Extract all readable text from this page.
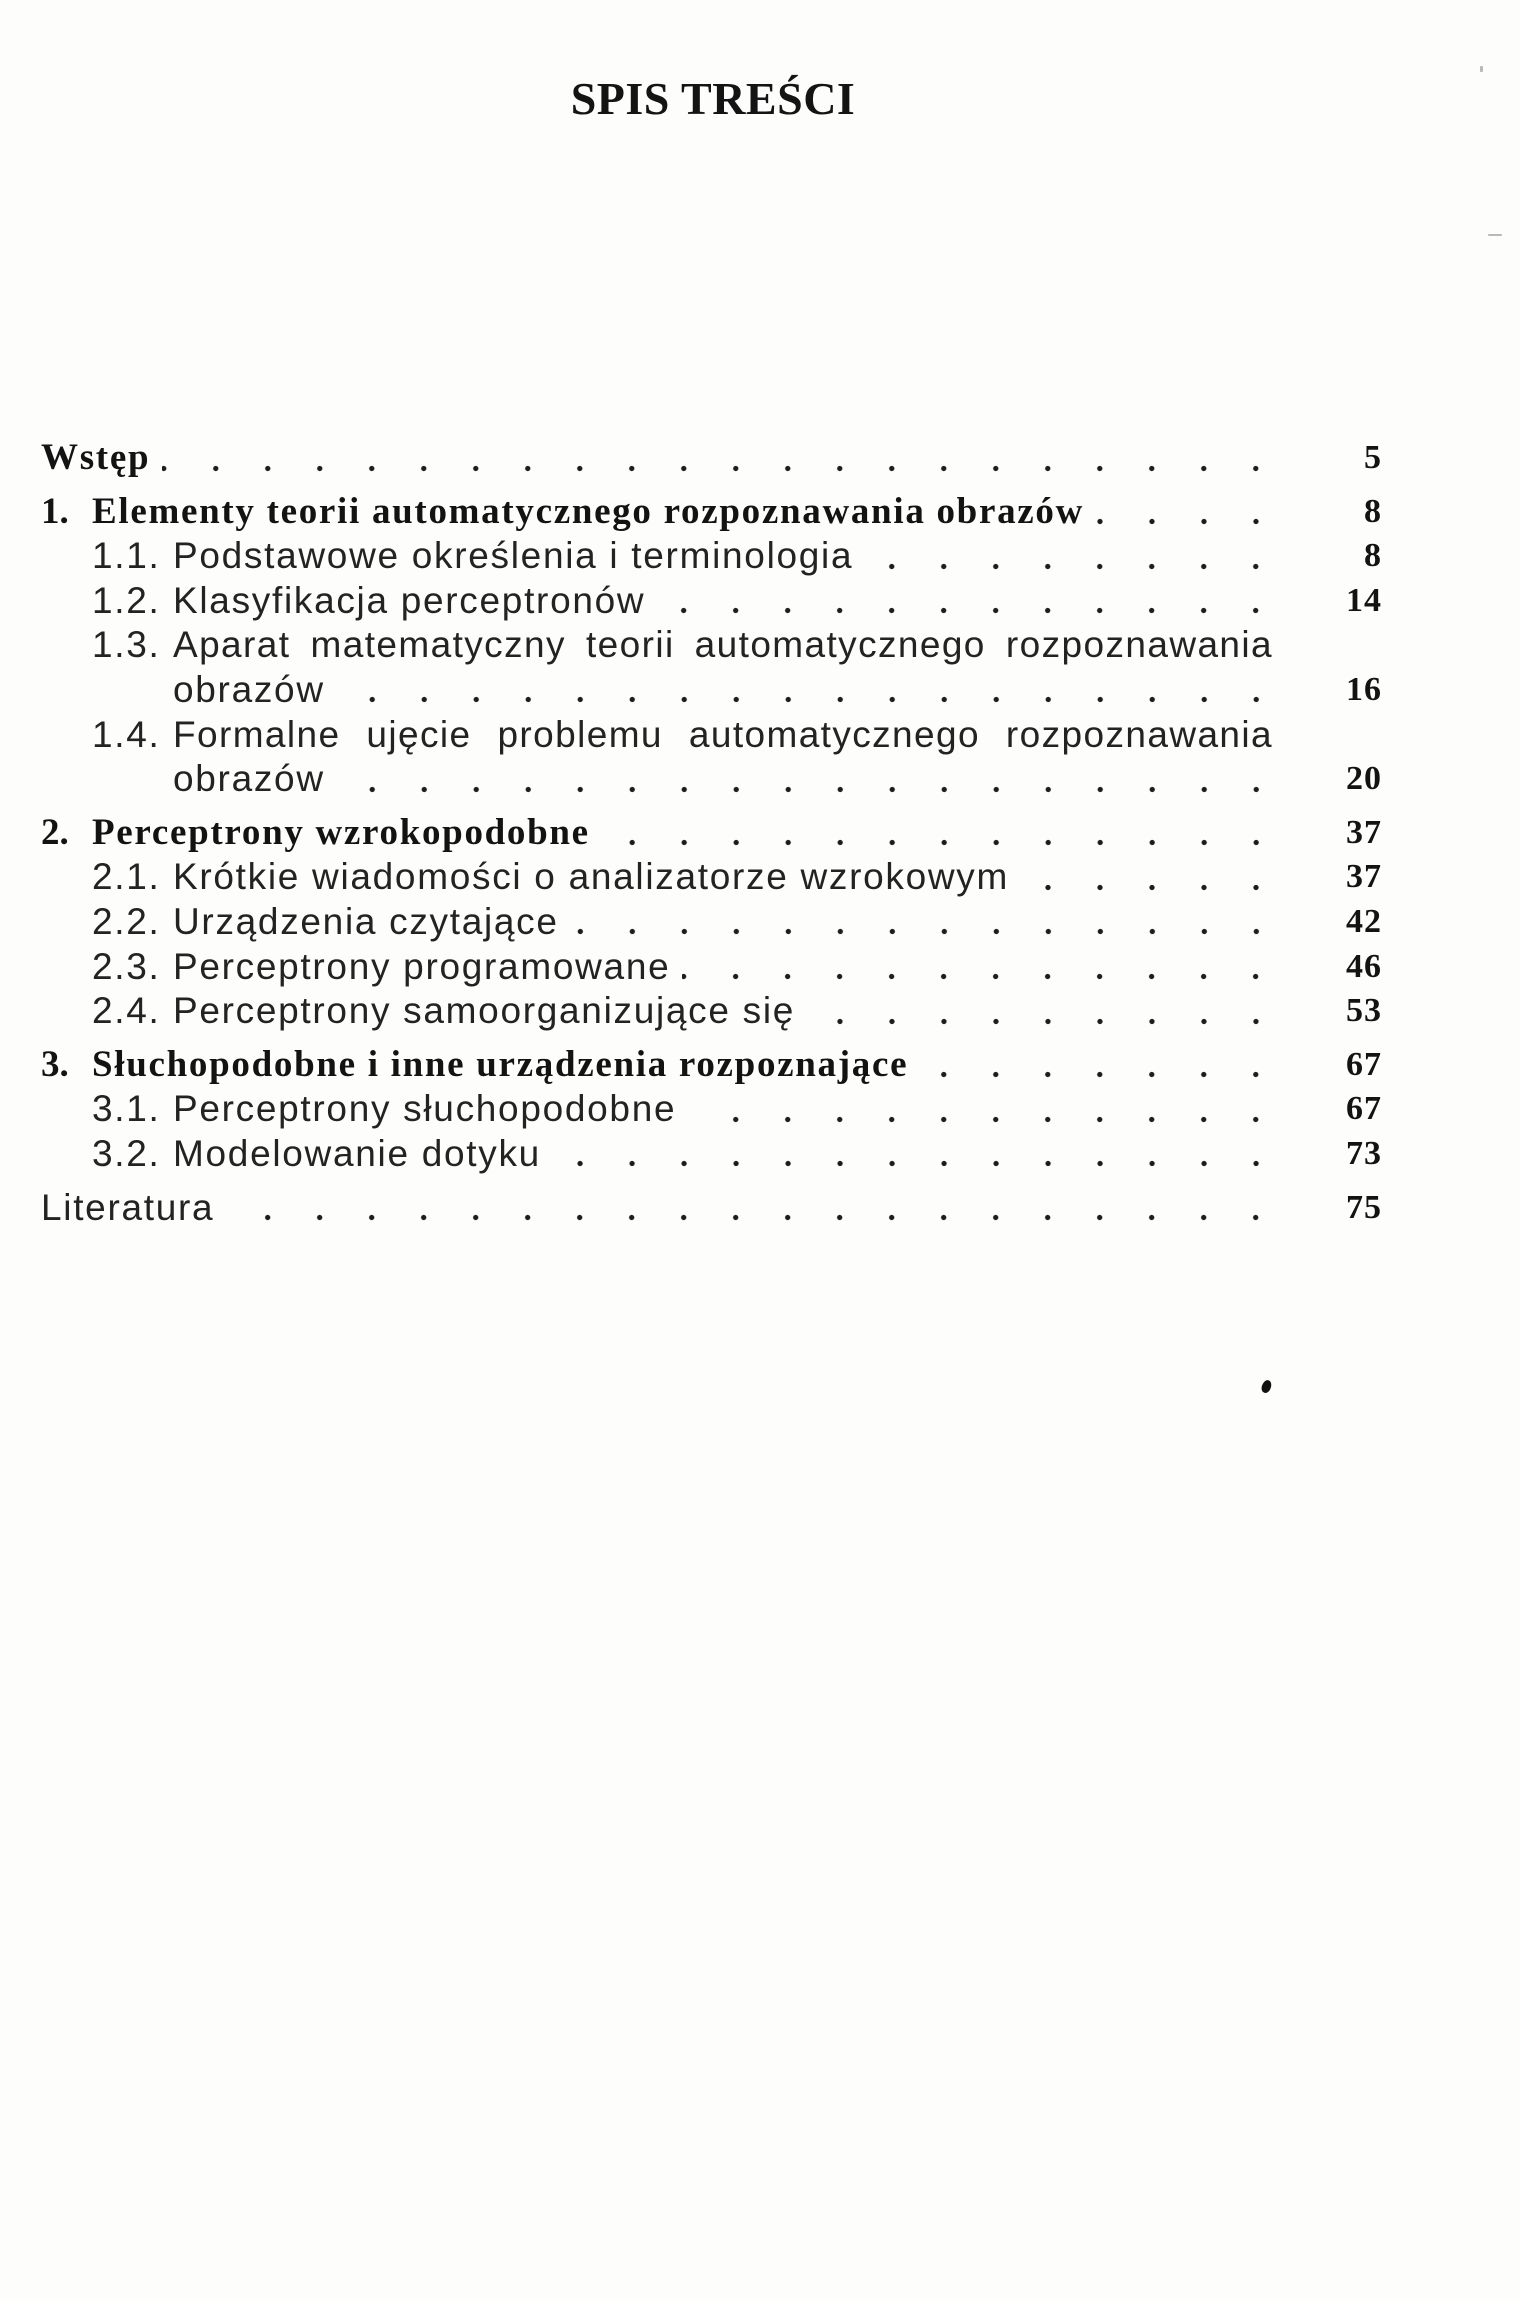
SPIS TREŚCI
Wstęp	5
1. Elementy teorii automatycznego rozpoznawania obrazów	8
1.1. Podstawowe określenia i terminologia	8
1.2. Klasyfikacja perceptronów	14
1.3. Aparat matematyczny teorii automatycznego rozpoznawania
obrazów	16
1.4. Formalne ujęcie problemu automatycznego rozpoznawania
obrazów	20
2. Perceptrony wzrokopodobne	37
2.1. Krótkie wiadomości o analizatorze wzrokowym	37
2.2. Urządzenia czytające	42
2.3. Perceptrony programowane	46
2.4. Perceptrony samoorganizujące się	53
3. Słuchopodobne i inne urządzenia rozpoznające	67
3.1. Perceptrony słuchopodobne	67
3.2. Modelowanie dotyku	73
Literatura	75
